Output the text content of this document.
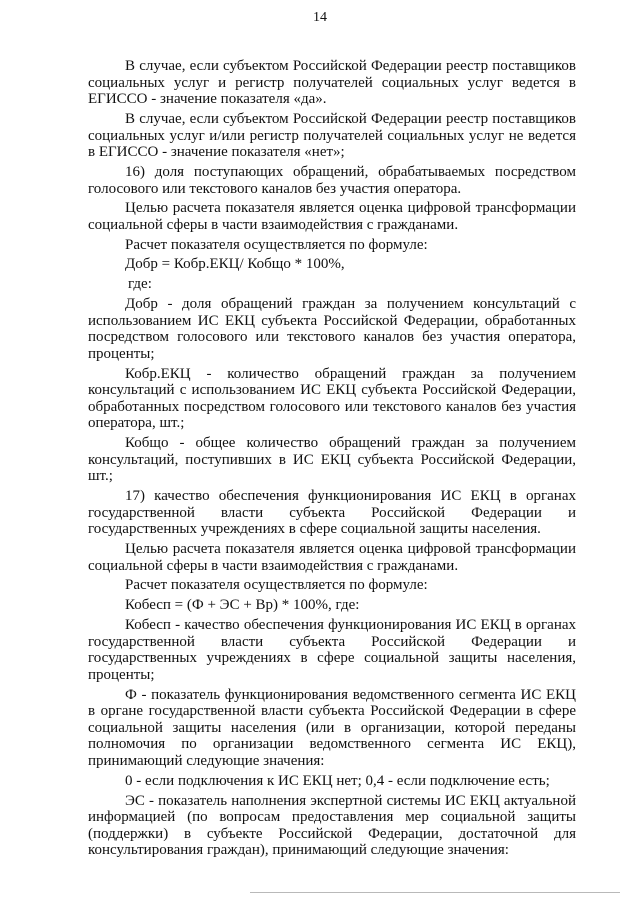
14

В случае, если субъектом Российской Федерации реестр поставщиков социальных услуг и регистр получателей социальных услуг ведется в ЕГИССО - значение показателя «да».

В случае, если субъектом Российской Федерации реестр поставщиков социальных услуг и/или регистр получателей социальных услуг не ведется в ЕГИССО - значение показателя «нет»;

16) доля поступающих обращений, обрабатываемых посредством голосового или текстового каналов без участия оператора.

Целью расчета показателя является оценка цифровой трансформации социальной сферы в части взаимодействия с гражданами.

Расчет показателя осуществляется по формуле:

Добр = Кобр.ЕКЦ/ Кобщо * 100%,

где:

Добр - доля обращений граждан за получением консультаций с использованием ИС ЕКЦ субъекта Российской Федерации, обработанных посредством голосового или текстового каналов без участия оператора, проценты;

Кобр.ЕКЦ - количество обращений граждан за получением консультаций с использованием ИС ЕКЦ субъекта Российской Федерации, обработанных посредством голосового или текстового каналов без участия оператора, шт.;

Кобщо - общее количество обращений граждан за получением консультаций, поступивших в ИС ЕКЦ субъекта Российской Федерации, шт.;

17) качество обеспечения функционирования ИС ЕКЦ в органах государственной власти субъекта Российской Федерации и государственных учреждениях в сфере социальной защиты населения.

Целью расчета показателя является оценка цифровой трансформации социальной сферы в части взаимодействия с гражданами.

Расчет показателя осуществляется по формуле:

Кобесп = (Ф + ЭС + Вр) * 100%, где:

Кобесп - качество обеспечения функционирования ИС ЕКЦ в органах государственной власти субъекта Российской Федерации и государственных учреждениях в сфере социальной защиты населения, проценты;

Ф - показатель функционирования ведомственного сегмента ИС ЕКЦ в органе государственной власти субъекта Российской Федерации в сфере социальной защиты населения (или в организации, которой переданы полномочия по организации ведомственного сегмента ИС ЕКЦ), принимающий следующие значения:

0 - если подключения к ИС ЕКЦ нет; 0,4 - если подключение есть;

ЭС - показатель наполнения экспертной системы ИС ЕКЦ актуальной информацией (по вопросам предоставления мер социальной защиты (поддержки) в субъекте Российской Федерации, достаточной для консультирования граждан), принимающий следующие значения:
